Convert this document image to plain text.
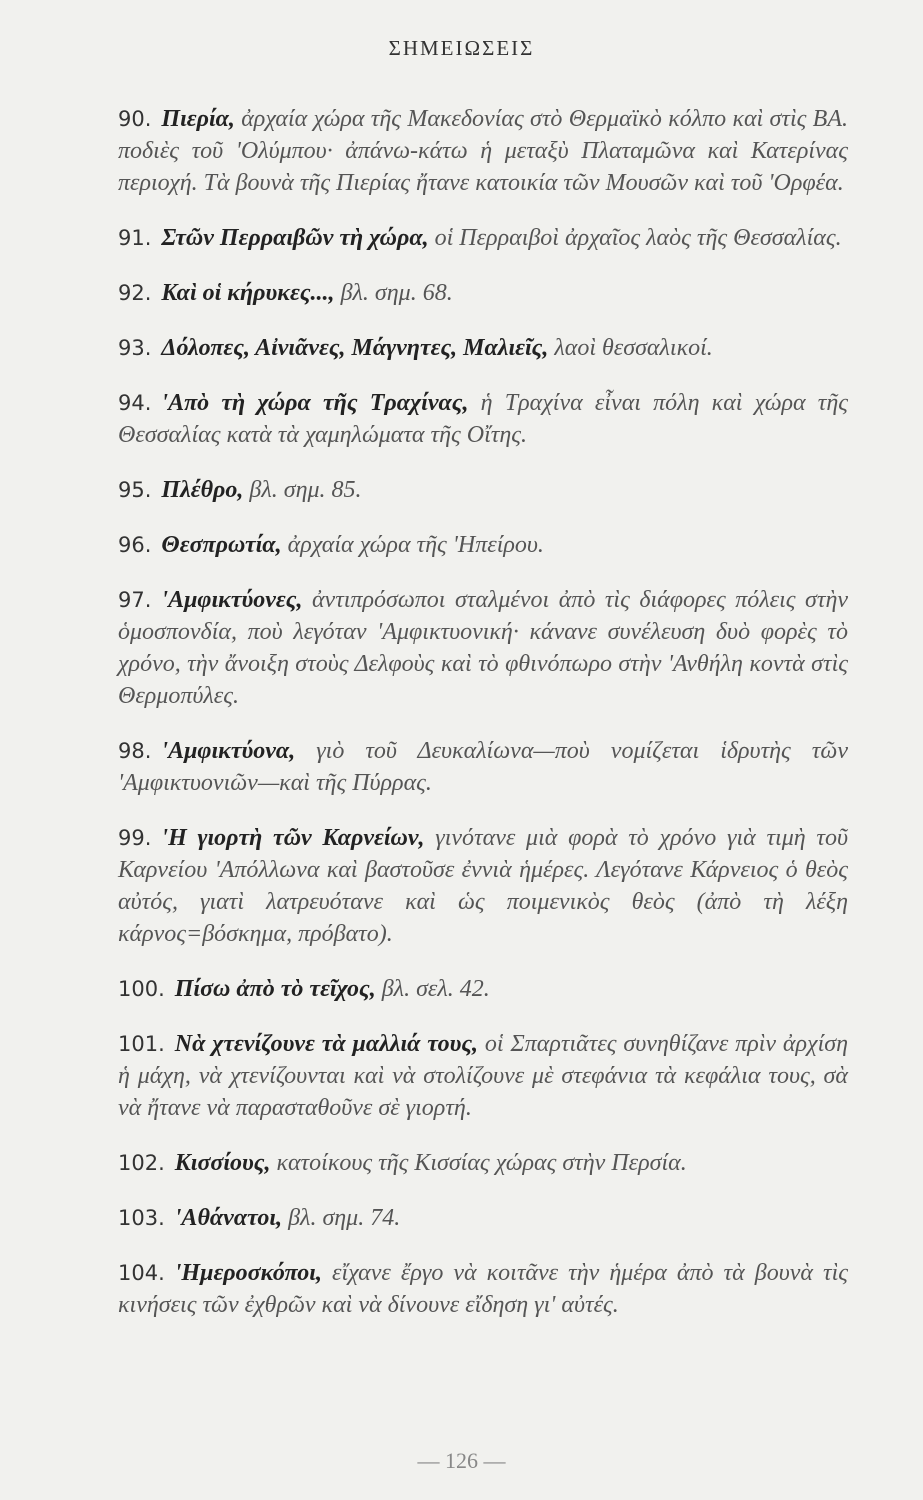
ΣΗΜΕΙΩΣΕΙΣ

90. Πιερία, ἀρχαία χώρα τῆς Μακεδονίας στὸ Θερμαϊκὸ κόλπο καὶ στὶς ΒΑ. ποδιὲς τοῦ 'Ολύμπου· ἀπάνω-κάτω ἡ μεταξὺ Πλαταμῶνα καὶ Κατερίνας περιοχή. Τὰ βουνὰ τῆς Πιερίας ἤτανε κατοικία τῶν Μουσῶν καὶ τοῦ 'Ορφέα.

91. Στῶν Περραιβῶν τὴ χώρα, οἱ Περραιβοὶ ἀρχαῖος λαὸς τῆς Θεσσαλίας.

92. Καὶ οἱ κήρυκες..., βλ. σημ. 68.

93. Δόλοπες, Αἰνιᾶνες, Μάγνητες, Μαλιεῖς, λαοὶ θεσσαλικοί.

94. 'Απὸ τὴ χώρα τῆς Τραχίνας, ἡ Τραχίνα εἶναι πόλη καὶ χώρα τῆς Θεσσαλίας κατὰ τὰ χαμηλώματα τῆς Οἴτης.

95. Πλέθρο, βλ. σημ. 85.

96. Θεσπρωτία, ἀρχαία χώρα τῆς 'Ηπείρου.

97. 'Αμφικτύονες, ἀντιπρόσωποι σταλμένοι ἀπὸ τὶς διάφορες πόλεις στὴν ὁμοσπονδία, ποὺ λεγόταν 'Αμφικτυονική· κάνανε συνέλευση δυὸ φορὲς τὸ χρόνο, τὴν ἄνοιξη στοὺς Δελφοὺς καὶ τὸ φθινόπωρο στὴν 'Ανθήλη κοντὰ στὶς Θερμοπύλες.

98. 'Αμφικτύονα, γιὸ τοῦ Δευκαλίωνα—ποὺ νομίζεται ἱδρυτὴς τῶν 'Αμφικτυονιῶν—καὶ τῆς Πύρρας.

99. 'Η γιορτὴ τῶν Καρνείων, γινότανε μιὰ φορὰ τὸ χρόνο γιὰ τιμὴ τοῦ Καρνείου 'Απόλλωνα καὶ βαστοῦσε ἐννιὰ ἡμέρες. Λεγότανε Κάρνειος ὁ θεὸς αὐτός, γιατὶ λατρευότανε καὶ ὡς ποιμενικὸς θεὸς (ἀπὸ τὴ λέξη κάρνος=βόσκημα, πρόβατο).

100. Πίσω ἀπὸ τὸ τεῖχος, βλ. σελ. 42.

101. Νὰ χτενίζουνε τὰ μαλλιά τους, οἱ Σπαρτιᾶτες συνηθίζανε πρὶν ἀρχίση ἡ μάχη, νὰ χτενίζουνται καὶ νὰ στολίζουνε μὲ στεφάνια τὰ κεφάλια τους, σὰ νὰ ἤτανε νὰ παρασταθοῦνε σὲ γιορτή.

102. Κισσίους, κατοίκους τῆς Κισσίας χώρας στὴν Περσία.

103. 'Αθάνατοι, βλ. σημ. 74.

104. 'Ημεροσκόποι, εἴχανε ἔργο νὰ κοιτᾶνε τὴν ἡμέρα ἀπὸ τὰ βουνὰ τὶς κινήσεις τῶν ἐχθρῶν καὶ νὰ δίνουνε εἴδηση γι' αὐτές.

— 126 —
